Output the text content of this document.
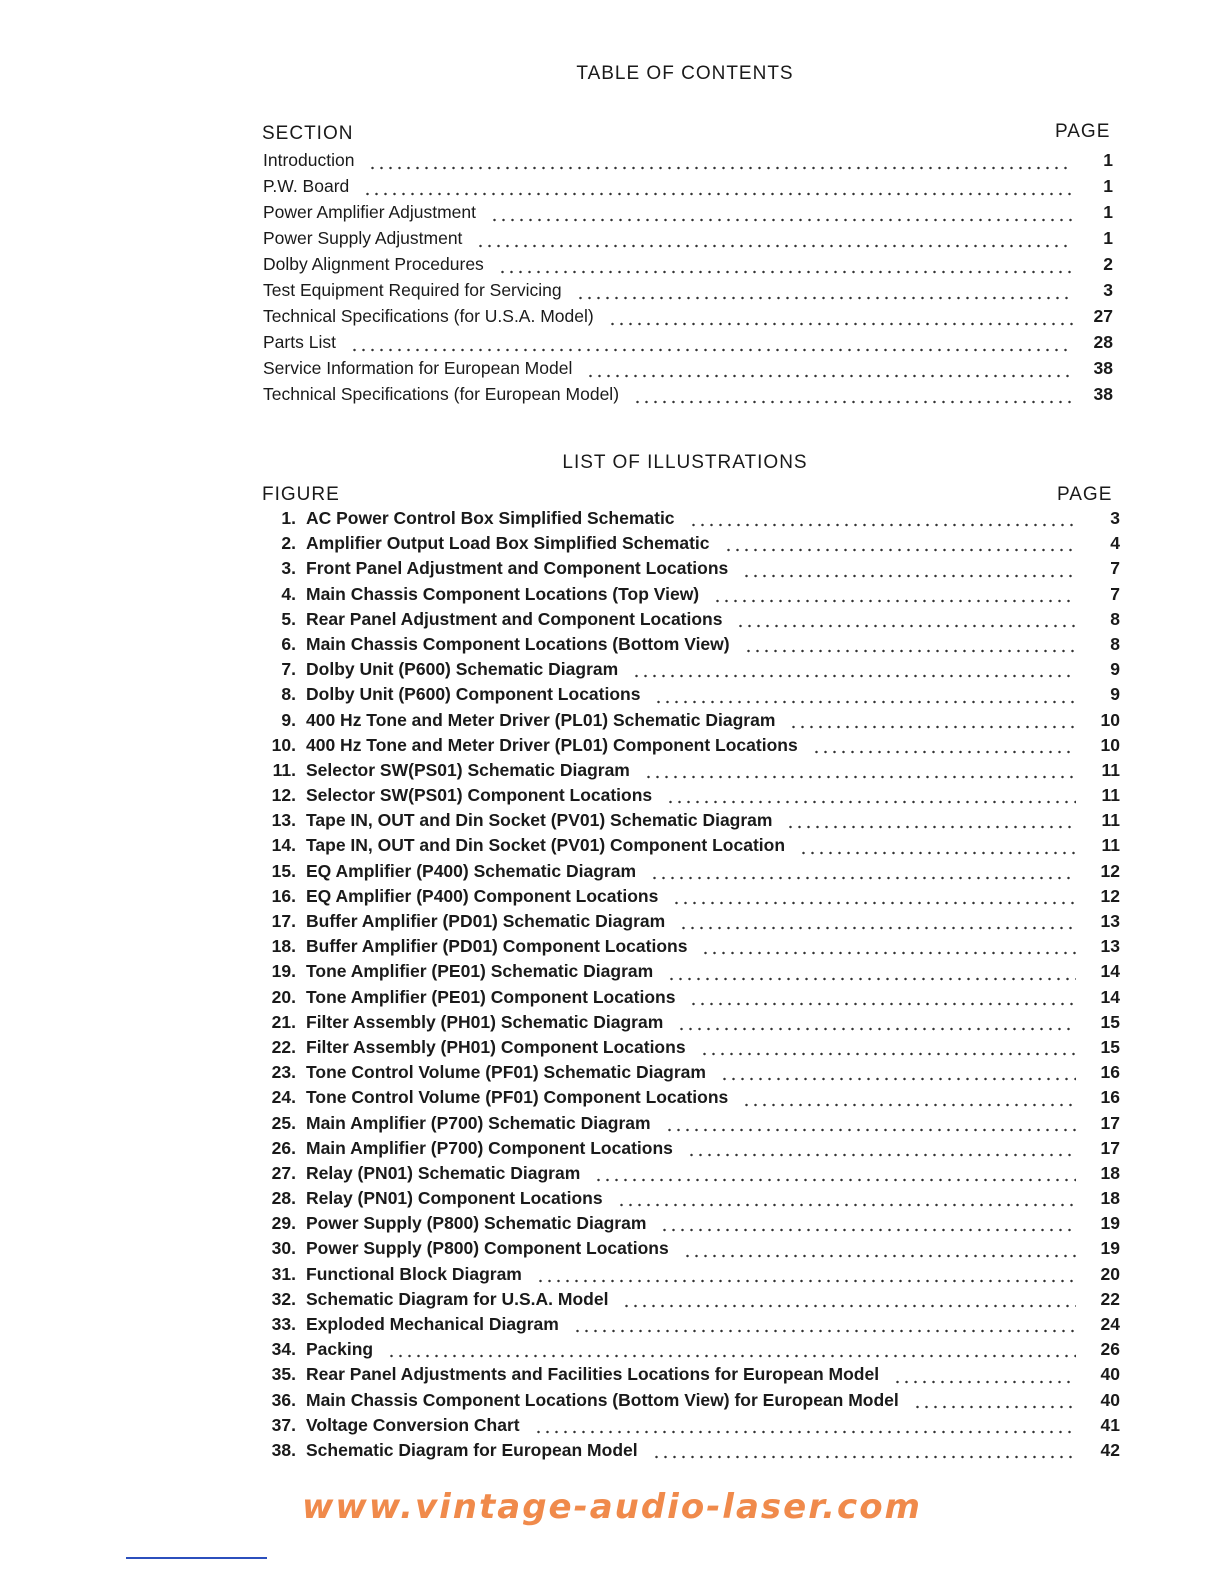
TABLE OF CONTENTS
SECTION	PAGE
Introduction	1
P.W. Board	1
Power Amplifier Adjustment	1
Power Supply Adjustment	1
Dolby Alignment Procedures	2
Test Equipment Required for Servicing	3
Technical Specifications (for U.S.A. Model)	27
Parts List	28
Service Information for European Model	38
Technical Specifications (for European Model)	38
LIST OF ILLUSTRATIONS
FIGURE	PAGE
1. AC Power Control Box Simplified Schematic	3
2. Amplifier Output Load Box Simplified Schematic	4
3. Front Panel Adjustment and Component Locations	7
4. Main Chassis Component Locations (Top View)	7
5. Rear Panel Adjustment and Component Locations	8
6. Main Chassis Component Locations (Bottom View)	8
7. Dolby Unit (P600) Schematic Diagram	9
8. Dolby Unit (P600) Component Locations	9
9. 400 Hz Tone and Meter Driver (PL01) Schematic Diagram	10
10. 400 Hz Tone and Meter Driver (PL01) Component Locations	10
11. Selector SW(PS01) Schematic Diagram	11
12. Selector SW(PS01) Component Locations	11
13. Tape IN, OUT and Din Socket (PV01) Schematic Diagram	11
14. Tape IN, OUT and Din Socket (PV01) Component Location	11
15. EQ Amplifier (P400) Schematic Diagram	12
16. EQ Amplifier (P400) Component Locations	12
17. Buffer Amplifier (PD01) Schematic Diagram	13
18. Buffer Amplifier (PD01) Component Locations	13
19. Tone Amplifier (PE01) Schematic Diagram	14
20. Tone Amplifier (PE01) Component Locations	14
21. Filter Assembly (PH01) Schematic Diagram	15
22. Filter Assembly (PH01) Component Locations	15
23. Tone Control Volume (PF01) Schematic Diagram	16
24. Tone Control Volume (PF01) Component Locations	16
25. Main Amplifier (P700) Schematic Diagram	17
26. Main Amplifier (P700) Component Locations	17
27. Relay (PN01) Schematic Diagram	18
28. Relay (PN01) Component Locations	18
29. Power Supply (P800) Schematic Diagram	19
30. Power Supply (P800) Component Locations	19
31. Functional Block Diagram	20
32. Schematic Diagram for U.S.A. Model	22
33. Exploded Mechanical Diagram	24
34. Packing	26
35. Rear Panel Adjustments and Facilities Locations for European Model	40
36. Main Chassis Component Locations (Bottom View) for European Model	40
37. Voltage Conversion Chart	41
38. Schematic Diagram for European Model	42
www.vintage-audio-laser.com
